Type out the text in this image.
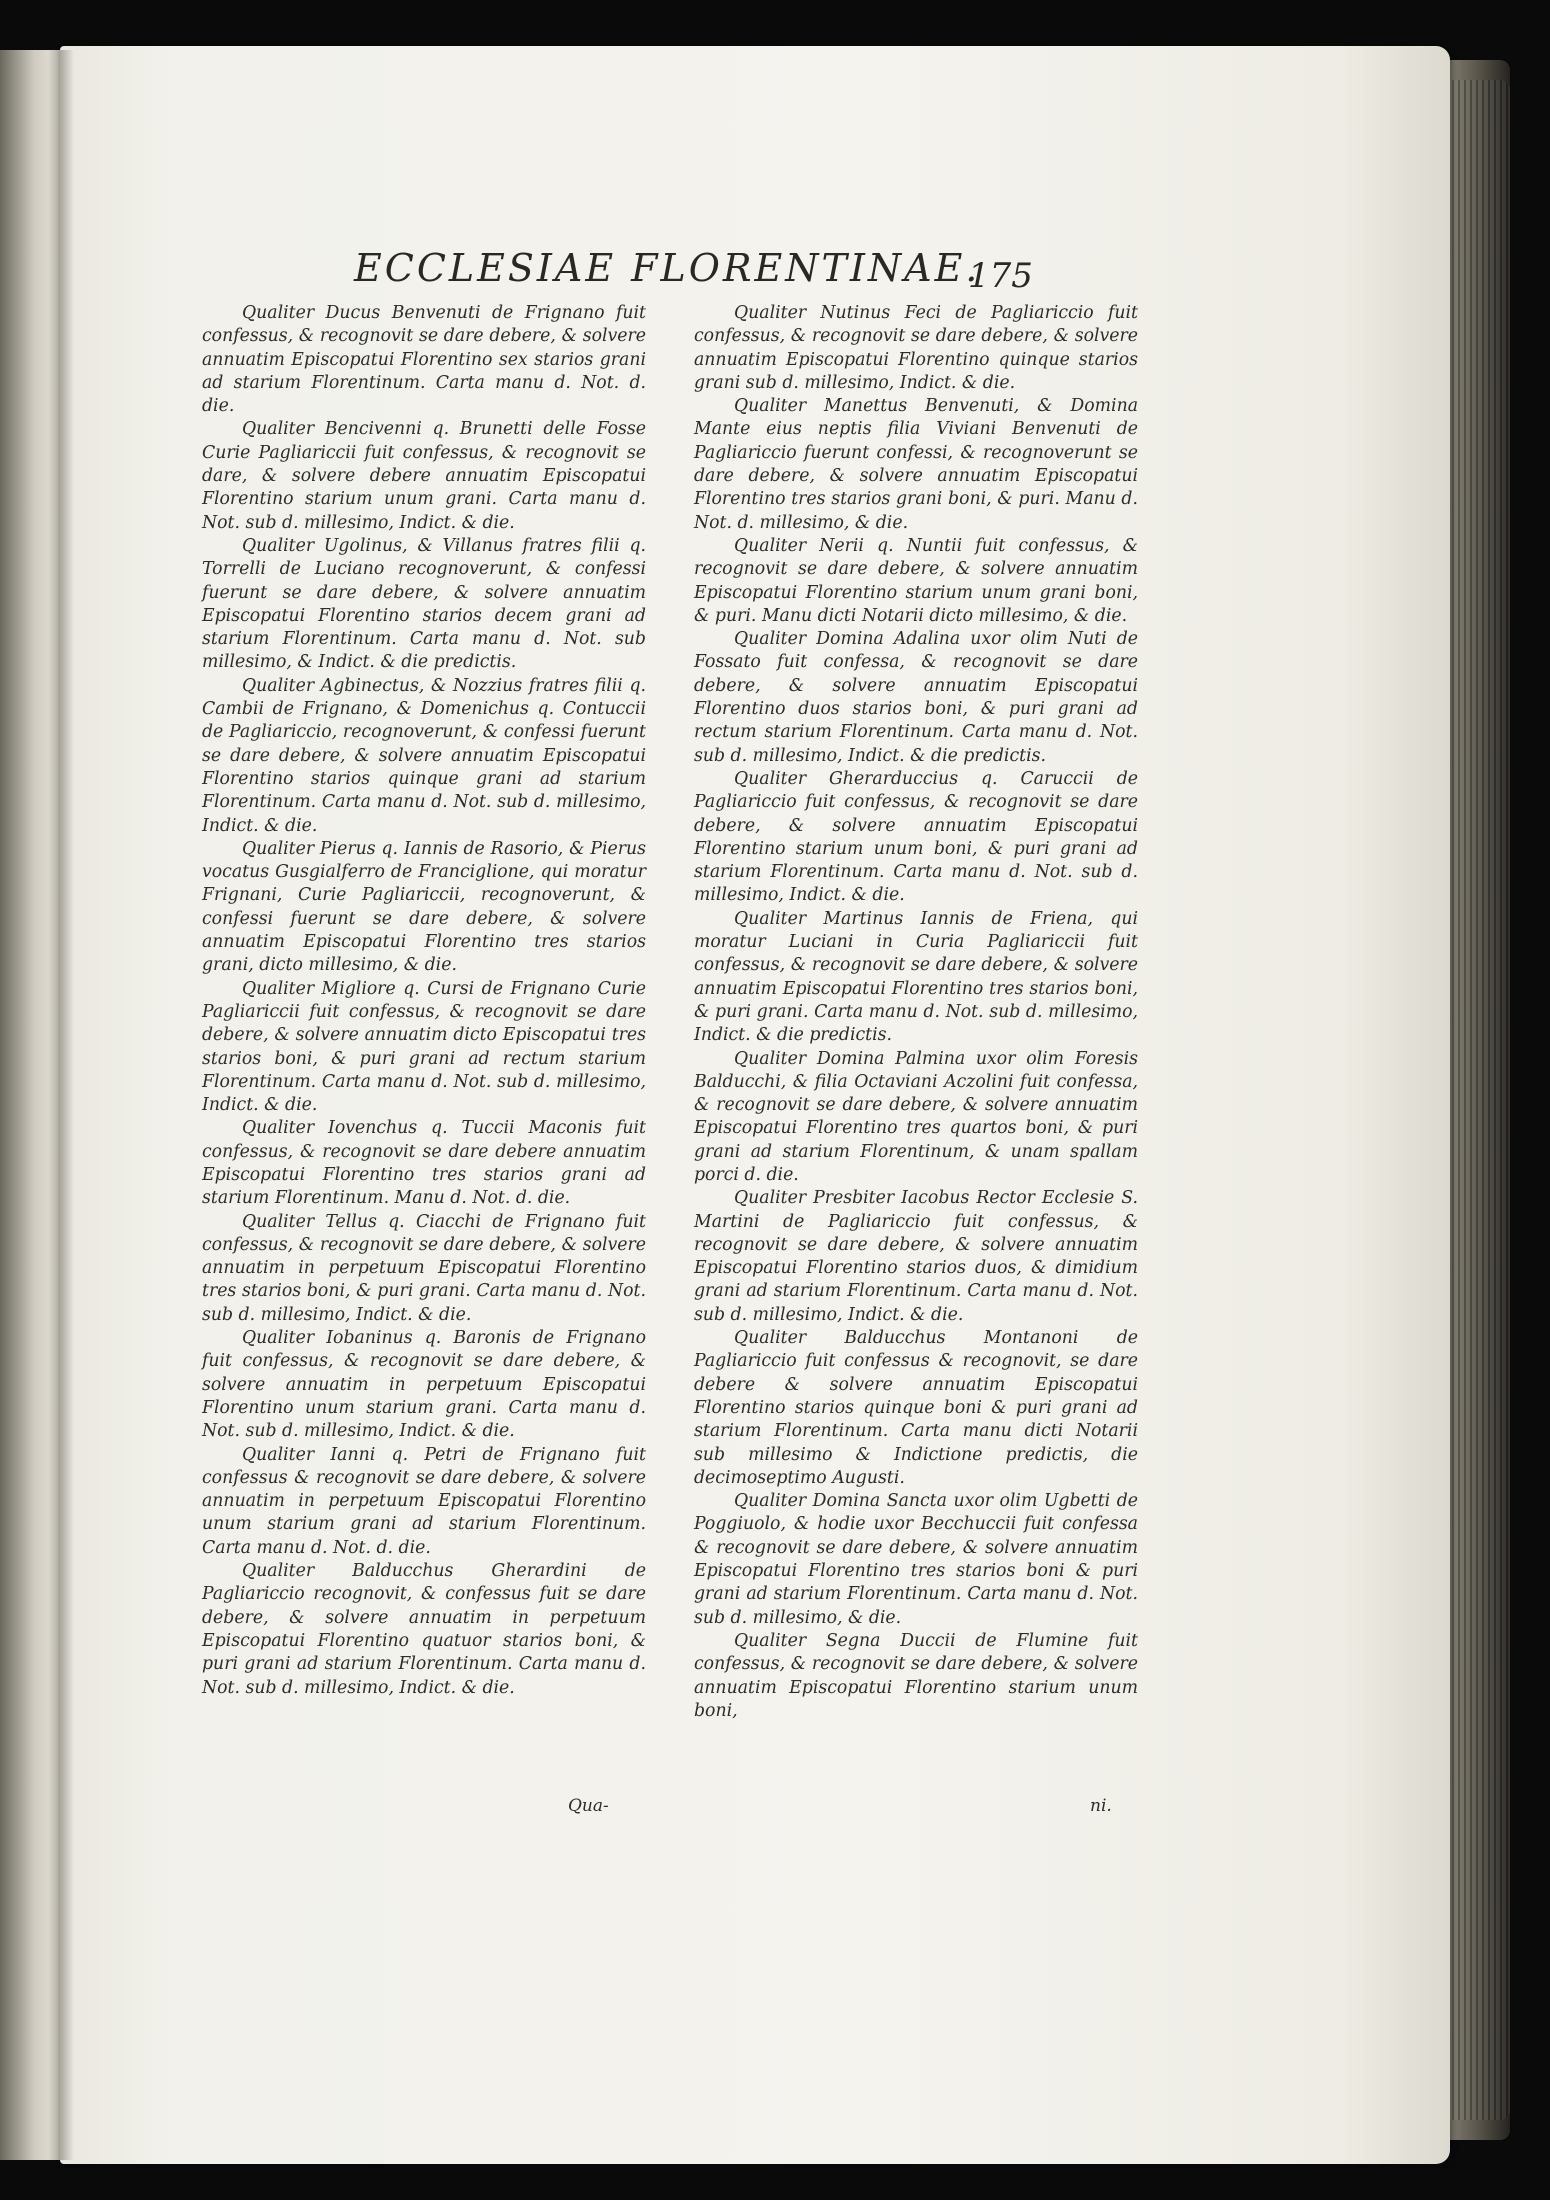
ECCLESIAE FLORENTINAE.
175

Qualiter Ducus Benvenuti de Frignano fuit confessus, & recognovit se dare debere, & solvere annuatim Episcopatui Florentino sex starios grani ad starium Florentinum. Carta manu d. Not. d. die.

Qualiter Bencivenni q. Brunetti delle Fosse Curie Pagliariccii fuit confessus, & recognovit se dare, & solvere debere annuatim Episcopatui Florentino starium unum grani. Carta manu d. Not. sub d. millesimo, Indict. & die.

Qualiter Ugolinus, & Villanus fratres filii q. Torrelli de Luciano recognoverunt, & confessi fuerunt se dare debere, & solvere annuatim Episcopatui Florentino starios decem grani ad starium Florentinum. Carta manu d. Not. sub millesimo, & Indict. & die predictis.

Qualiter Agbinectus, & Nozzius fratres filii q. Cambii de Frignano, & Domenichus q. Contuccii de Pagliariccio, recognoverunt, & confessi fuerunt se dare debere, & solvere annuatim Episcopatui Florentino starios quinque grani ad starium Florentinum. Carta manu d. Not. sub d. millesimo, Indict. & die.

Qualiter Pierus q. Iannis de Rasorio, & Pierus vocatus Gusgialferro de Franciglione, qui moratur Frignani, Curie Pagliariccii, recognoverunt, & confessi fuerunt se dare debere, & solvere annuatim Episcopatui Florentino tres starios grani, dicto millesimo, & die.

Qualiter Migliore q. Cursi de Frignano Curie Pagliariccii fuit confessus, & recognovit se dare debere, & solvere annuatim dicto Episcopatui tres starios boni, & puri grani ad rectum starium Florentinum. Carta manu d. Not. sub d. millesimo, Indict. & die.

Qualiter Iovenchus q. Tuccii Maconis fuit confessus, & recognovit se dare debere annuatim Episcopatui Florentino tres starios grani ad starium Florentinum. Manu d. Not. d. die.

Qualiter Tellus q. Ciacchi de Frignano fuit confessus, & recognovit se dare debere, & solvere annuatim in perpetuum Episcopatui Florentino tres starios boni, & puri grani. Carta manu d. Not. sub d. millesimo, Indict. & die.

Qualiter Iobaninus q. Baronis de Frignano fuit confessus, & recognovit se dare debere, & solvere annuatim in perpetuum Episcopatui Florentino unum starium grani. Carta manu d. Not. sub d. millesimo, Indict. & die.

Qualiter Ianni q. Petri de Frignano fuit confessus & recognovit se dare debere, & solvere annuatim in perpetuum Episcopatui Florentino unum starium grani ad starium Florentinum. Carta manu d. Not. d. die.

Qualiter Balducchus Gherardini de Pagliariccio recognovit, & confessus fuit se dare debere, & solvere annuatim in perpetuum Episcopatui Florentino quatuor starios boni, & puri grani ad starium Florentinum. Carta manu d. Not. sub d. millesimo, Indict. & die.

Qualiter Nutinus Feci de Pagliariccio fuit confessus, & recognovit se dare debere, & solvere annuatim Episcopatui Florentino quinque starios grani sub d. millesimo, Indict. & die.

Qualiter Manettus Benvenuti, & Domina Mante eius neptis filia Viviani Benvenuti de Pagliariccio fuerunt confessi, & recognoverunt se dare debere, & solvere annuatim Episcopatui Florentino tres starios grani boni, & puri. Manu d. Not. d. millesimo, & die.

Qualiter Nerii q. Nuntii fuit confessus, & recognovit se dare debere, & solvere annuatim Episcopatui Florentino starium unum grani boni, & puri. Manu dicti Notarii dicto millesimo, & die.

Qualiter Domina Adalina uxor olim Nuti de Fossato fuit confessa, & recognovit se dare debere, & solvere annuatim Episcopatui Florentino duos starios boni, & puri grani ad rectum starium Florentinum. Carta manu d. Not. sub d. millesimo, Indict. & die predictis.

Qualiter Gherarduccius q. Caruccii de Pagliariccio fuit confessus, & recognovit se dare debere, & solvere annuatim Episcopatui Florentino starium unum boni, & puri grani ad starium Florentinum. Carta manu d. Not. sub d. millesimo, Indict. & die.

Qualiter Martinus Iannis de Friena, qui moratur Luciani in Curia Pagliariccii fuit confessus, & recognovit se dare debere, & solvere annuatim Episcopatui Florentino tres starios boni, & puri grani. Carta manu d. Not. sub d. millesimo, Indict. & die predictis.

Qualiter Domina Palmina uxor olim Foresis Balducchi, & filia Octaviani Aczolini fuit confessa, & recognovit se dare debere, & solvere annuatim Episcopatui Florentino tres quartos boni, & puri grani ad starium Florentinum, & unam spallam porci d. die.

Qualiter Presbiter Iacobus Rector Ecclesie S. Martini de Pagliariccio fuit confessus, & recognovit se dare debere, & solvere annuatim Episcopatui Florentino starios duos, & dimidium grani ad starium Florentinum. Carta manu d. Not. sub d. millesimo, Indict. & die.

Qualiter Balducchus Montanoni de Pagliariccio fuit confessus & recognovit, se dare debere & solvere annuatim Episcopatui Florentino starios quinque boni & puri grani ad starium Florentinum. Carta manu dicti Notarii sub millesimo & Indictione predictis, die decimoseptimo Augusti.

Qualiter Domina Sancta uxor olim Ugbetti de Poggiuolo, & hodie uxor Becchuccii fuit confessa & recognovit se dare debere, & solvere annuatim Episcopatui Florentino tres starios boni & puri grani ad starium Florentinum. Carta manu d. Not. sub d. millesimo, & die.

Qualiter Segna Duccii de Flumine fuit confessus, & recognovit se dare debere, & solvere annuatim Episcopatui Florentino starium unum boni,

Qua-	ni.
